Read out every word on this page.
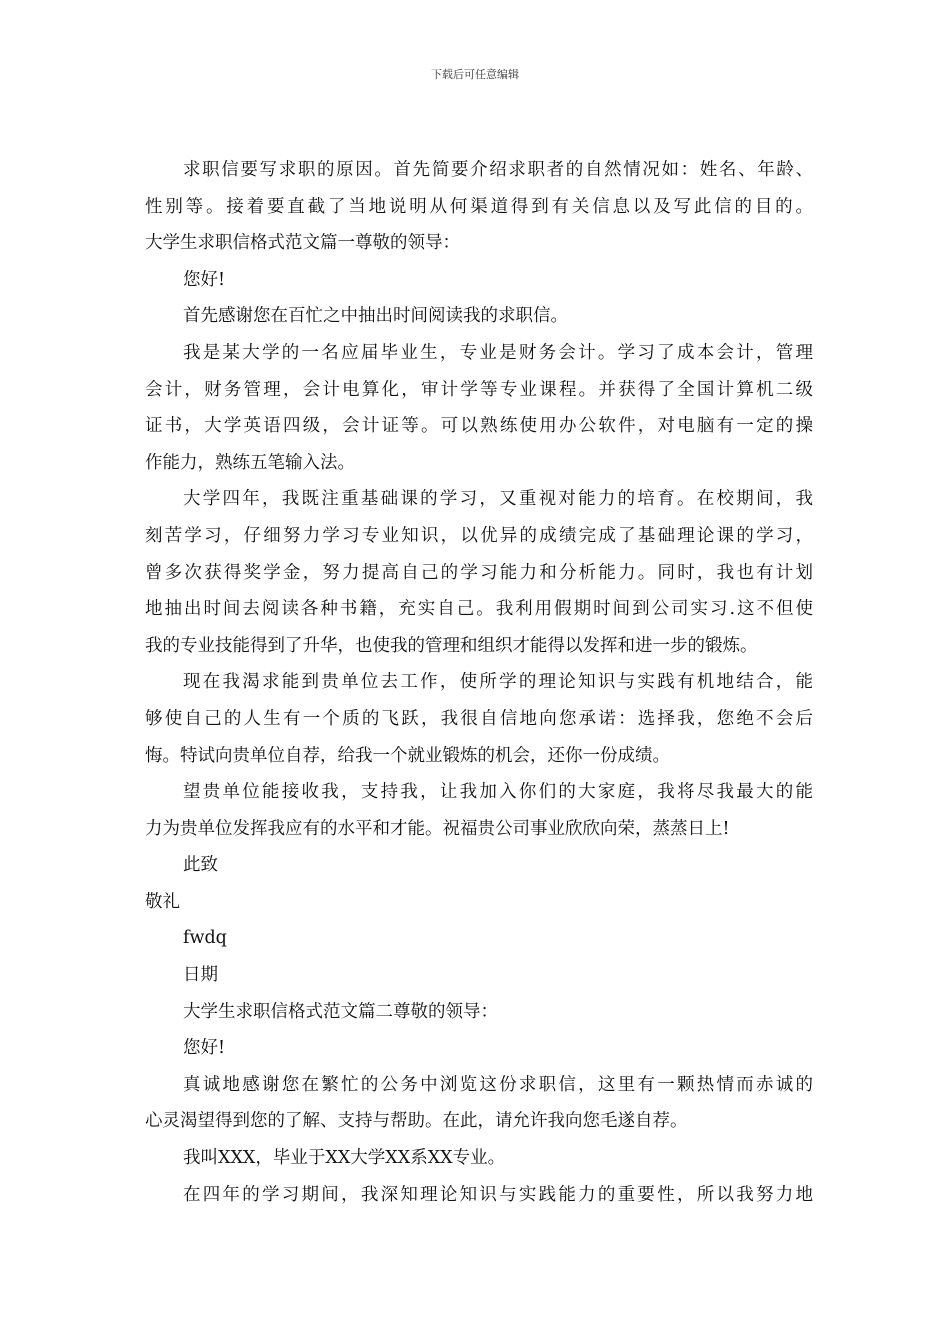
下载后可任意编辑
求职信要写求职的原因。首先简要介绍求职者的自然情况如：姓名、年龄、
性别等。接着要直截了当地说明从何渠道得到有关信息以及写此信的目的。
大学生求职信格式范文篇一尊敬的领导：
您好!
首先感谢您在百忙之中抽出时间阅读我的求职信。
我是某大学的一名应届毕业生，专业是财务会计。学习了成本会计，管理
会计，财务管理，会计电算化，审计学等专业课程。并获得了全国计算机二级
证书，大学英语四级，会计证等。可以熟练使用办公软件，对电脑有一定的操
作能力，熟练五笔输入法。
大学四年，我既注重基础课的学习，又重视对能力的培育。在校期间，我
刻苦学习，仔细努力学习专业知识，以优异的成绩完成了基础理论课的学习，
曾多次获得奖学金，努力提高自己的学习能力和分析能力。同时，我也有计划
地抽出时间去阅读各种书籍，充实自己。我利用假期时间到公司实习.这不但使
我的专业技能得到了升华，也使我的管理和组织才能得以发挥和进一步的锻炼。
现在我渴求能到贵单位去工作，使所学的理论知识与实践有机地结合，能
够使自己的人生有一个质的飞跃，我很自信地向您承诺：选择我，您绝不会后
悔。特试向贵单位自荐，给我一个就业锻炼的机会，还你一份成绩。
望贵单位能接收我，支持我，让我加入你们的大家庭，我将尽我最大的能
力为贵单位发挥我应有的水平和才能。祝福贵公司事业欣欣向荣，蒸蒸日上!
此致
敬礼
fwdq
日期
大学生求职信格式范文篇二尊敬的领导：
您好!
真诚地感谢您在繁忙的公务中浏览这份求职信，这里有一颗热情而赤诚的
心灵渴望得到您的了解、支持与帮助。在此，请允许我向您毛遂自荐。
我叫XXX，毕业于XX大学XX系XX专业。
在四年的学习期间，我深知理论知识与实践能力的重要性，所以我努力地
